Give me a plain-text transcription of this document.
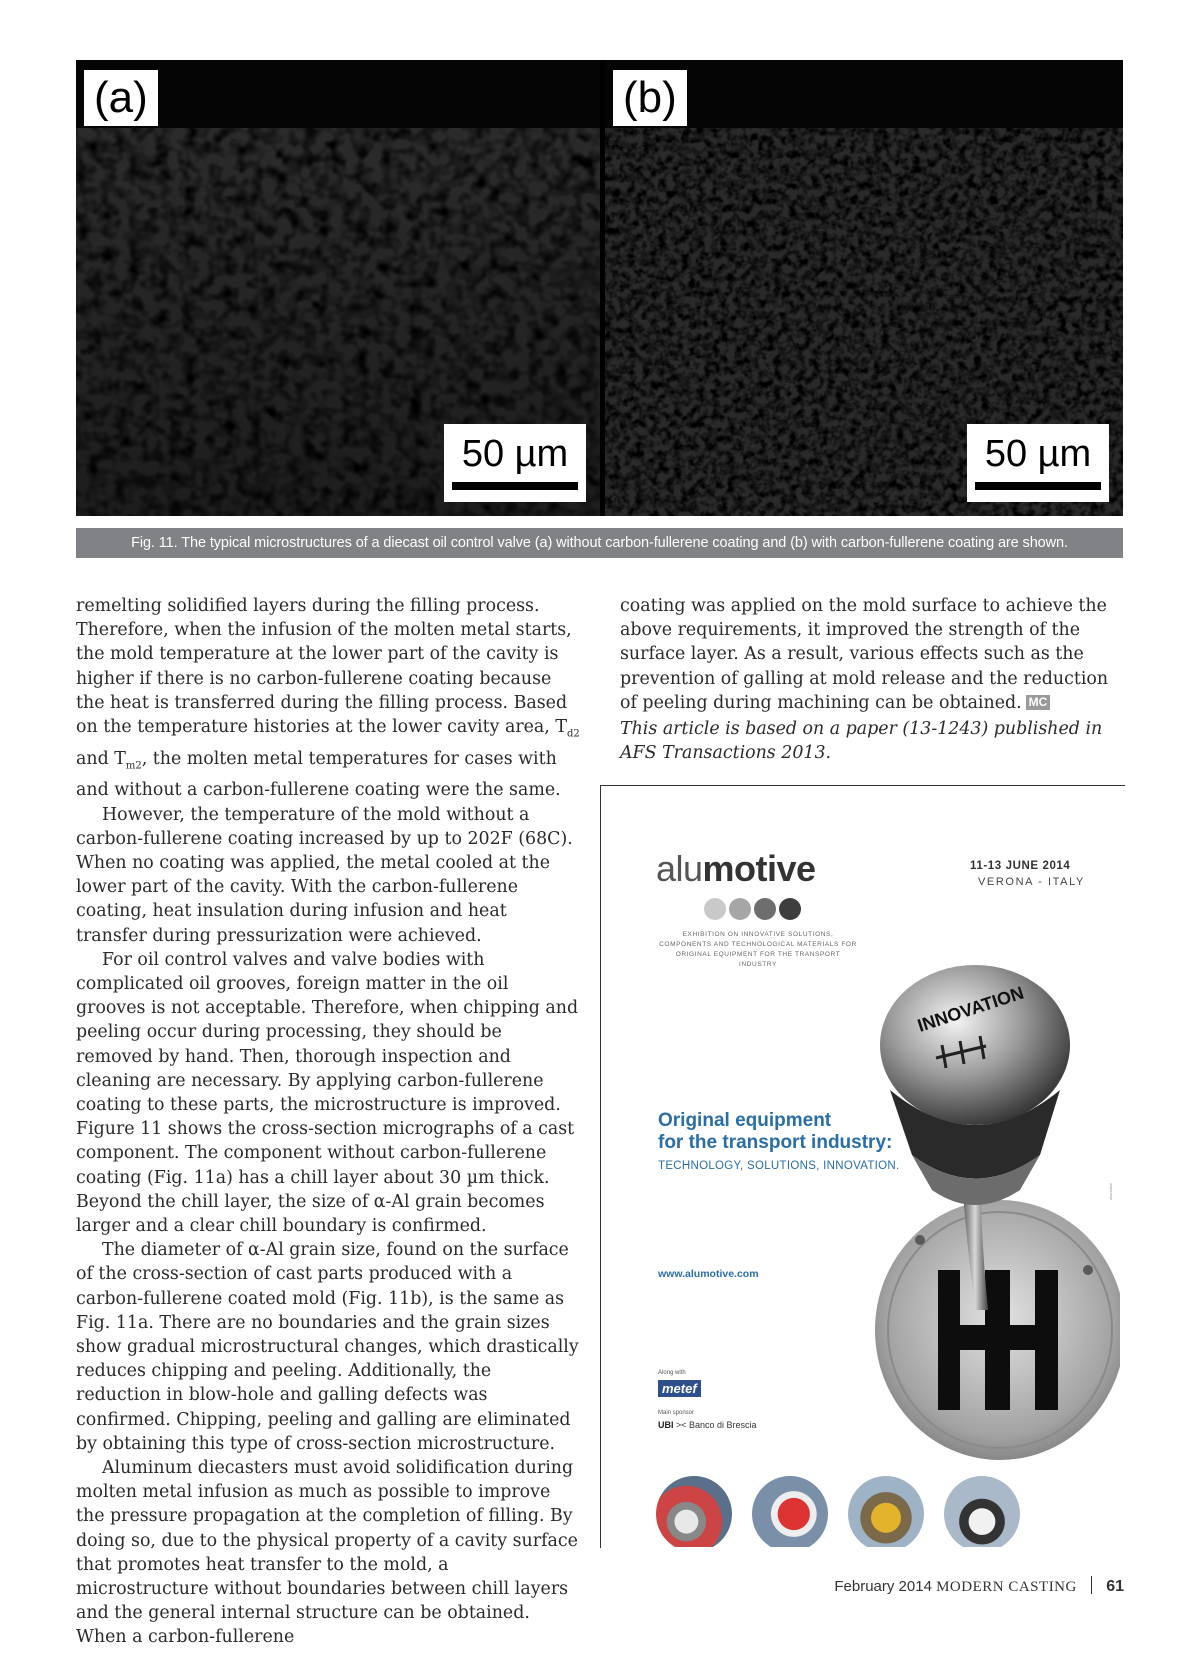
(a)
50 µm
(b)
50 µm
Fig. 11. The typical microstructures of a diecast oil control valve (a) without carbon-fullerene coating and (b) with carbon-fullerene coating are shown.

remelting solidified layers during the filling process. Therefore, when the infusion of the molten metal starts, the mold temperature at the lower part of the cavity is higher if there is no carbon-fullerene coating because the heat is transferred during the filling process. Based on the temperature histories at the lower cavity area, $T_{d2}$ and $T_{m2}$, the molten metal temperatures for cases with and without a carbon-fullerene coating were the same.

However, the temperature of the mold without a carbon-fullerene coating increased by up to 202F (68C). When no coating was applied, the metal cooled at the lower part of the cavity. With the carbon-fullerene coating, heat insulation during infusion and heat transfer during pressurization were achieved.

For oil control valves and valve bodies with complicated oil grooves, foreign matter in the oil grooves is not acceptable. Therefore, when chipping and peeling occur during processing, they should be removed by hand. Then, thorough inspection and cleaning are necessary. By applying carbon-fullerene coating to these parts, the microstructure is improved. Figure 11 shows the cross-section micrographs of a cast component. The component without carbon-fullerene coating (Fig. 11a) has a chill layer about 30 µm thick. Beyond the chill layer, the size of α-Al grain becomes larger and a clear chill boundary is confirmed.

The diameter of α-Al grain size, found on the surface of the cross-section of cast parts produced with a carbon-fullerene coated mold (Fig. 11b), is the same as Fig. 11a. There are no boundaries and the grain sizes show gradual microstructural changes, which drastically reduces chipping and peeling. Additionally, the reduction in blow-hole and galling defects was confirmed. Chipping, peeling and galling are eliminated by obtaining this type of cross-section microstructure.

Aluminum diecasters must avoid solidification during molten metal infusion as much as possible to improve the pressure propagation at the completion of filling. By doing so, due to the physical property of a cavity surface that promotes heat transfer to the mold, a microstructure without boundaries between chill layers and the general internal structure can be obtained. When a carbon-fullerene

coating was applied on the mold surface to achieve the above requirements, it improved the strength of the surface layer. As a result, various effects such as the prevention of galling at mold release and the reduction of peeling during machining can be obtained. MC

This article is based on a paper (13-1243) published in AFS Transactions 2013.

alumotive
EXHIBITION ON INNOVATIVE SOLUTIONS, COMPONENTS AND TECHNOLOGICAL MATERIALS FOR ORIGINAL EQUIPMENT FOR THE TRANSPORT INDUSTRY
11-13 JUNE 2014
VERONA - ITALY
INNOVATION
alumotive
Original equipment
for the transport industry:
TECHNOLOGY, SOLUTIONS, INNOVATION.
www.alumotive.com
Along with
metef
Main sponsor
UBI >< Banco di Brescia
February 2014 MODERN CASTING 61
